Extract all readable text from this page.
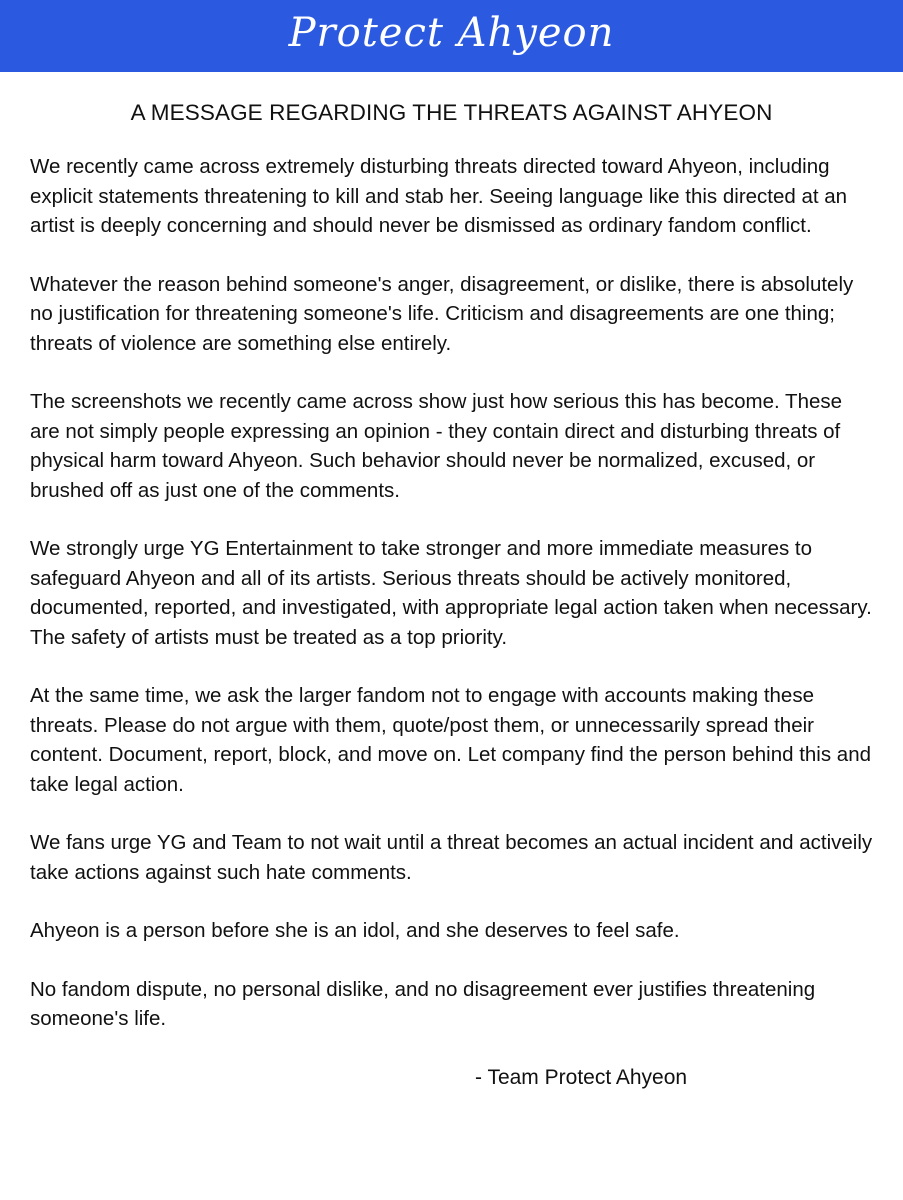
Protect Ahyeon
A MESSAGE REGARDING THE THREATS AGAINST AHYEON

We recently came across extremely disturbing threats directed toward Ahyeon, including explicit statements threatening to kill and stab her. Seeing language like this directed at an artist is deeply concerning and should never be dismissed as ordinary fandom conflict.

Whatever the reason behind someone's anger, disagreement, or dislike, there is absolutely no justification for threatening someone's life. Criticism and disagreements are one thing; threats of violence are something else entirely.

The screenshots we recently came across show just how serious this has become. These are not simply people expressing an opinion - they contain direct and disturbing threats of physical harm toward Ahyeon. Such behavior should never be normalized, excused, or brushed off as just one of the comments.

We strongly urge YG Entertainment to take stronger and more immediate measures to safeguard Ahyeon and all of its artists. Serious threats should be actively monitored, documented, reported, and investigated, with appropriate legal action taken when necessary. The safety of artists must be treated as a top priority.

At the same time, we ask the larger fandom not to engage with accounts making these threats. Please do not argue with them, quote/post them, or unnecessarily spread their content. Document, report, block, and move on. Let company find the person behind this and take legal action.

We fans urge YG and Team to not wait until a threat becomes an actual incident and activeily take actions against such hate comments.

Ahyeon is a person before she is an idol, and she deserves to feel safe.

No fandom dispute, no personal dislike, and no disagreement ever justifies threatening someone's life.

- Team Protect Ahyeon
